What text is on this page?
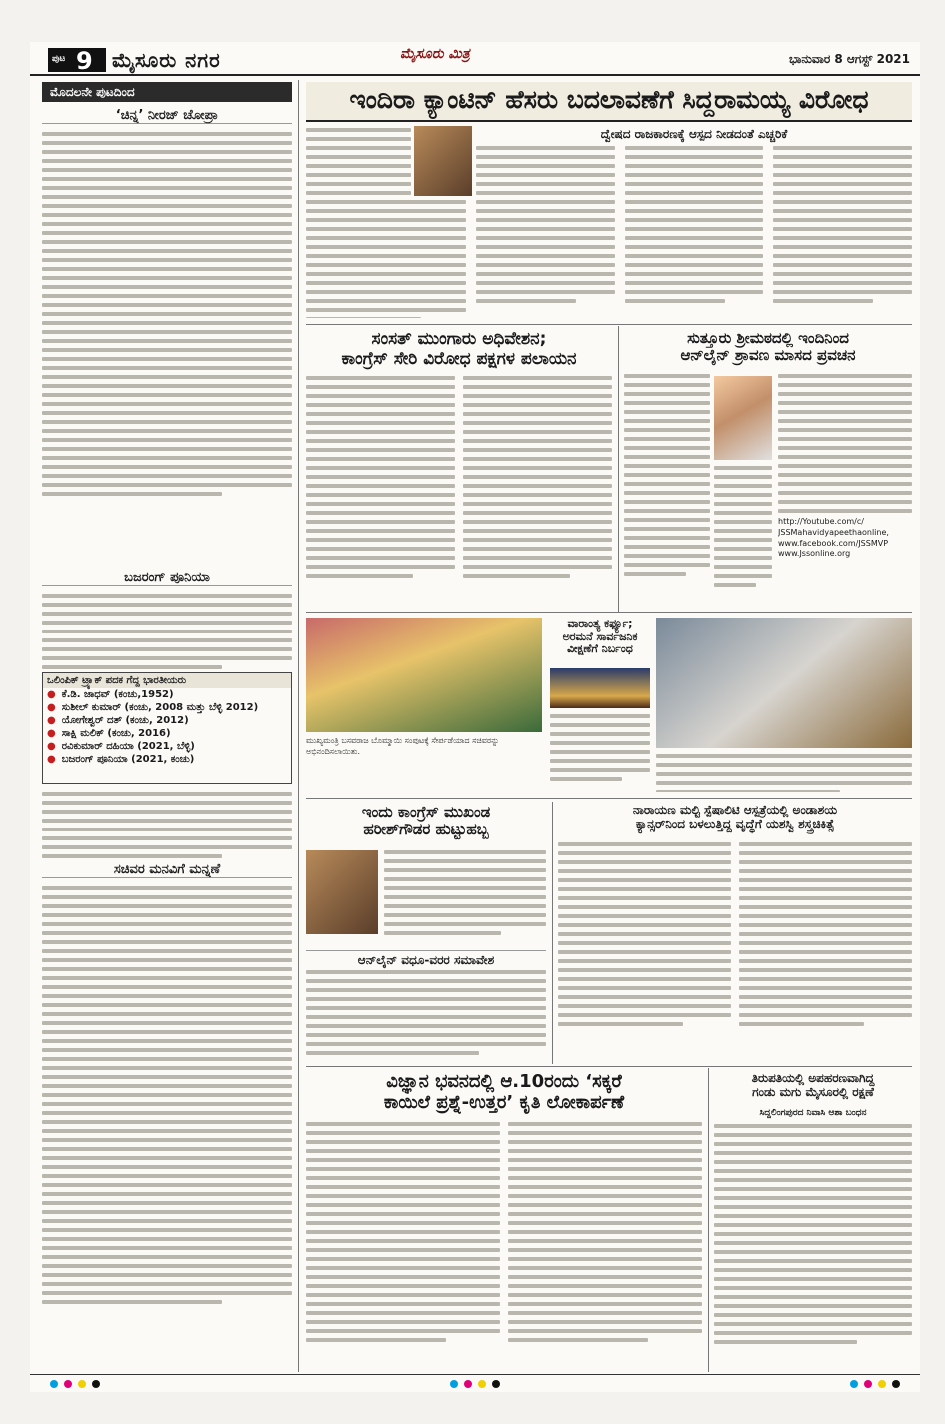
ಪುಟ 9 ಮೈಸೂರು ನಗರ	ಮೈಸೂರು ಮಿತ್ರ	ಭಾನುವಾರ 8 ಆಗಸ್ಟ್ 2021
ಮೊದಲನೇ ಪುಟದಿಂದ
‘ಚಿನ್ನ’ ನೀರಜ್ ಚೋಪ್ರಾ
ಬಜರಂಗ್ ಪೂನಿಯಾ
ಒಲಿಂಪಿಕ್ ಟ್ರ್ಯಾಕ್ ಪದಕ ಗೆದ್ದ ಭಾರತೀಯರು
● ಕೆ.ಡಿ. ಜಾಧವ್ (ಕಂಚು,1952)
● ಸುಶೀಲ್ ಕುಮಾರ್ (ಕಂಚು, 2008 ಮತ್ತು ಬೆಳ್ಳಿ 2012)
● ಯೋಗೇಶ್ವರ್ ದತ್ (ಕಂಚು, 2012)
● ಸಾಕ್ಷಿ ಮಲಿಕ್ (ಕಂಚು, 2016)
● ರವಿಕುಮಾರ್ ದಹಿಯಾ (2021, ಬೆಳ್ಳಿ)
● ಬಜರಂಗ್ ಪೂನಿಯಾ (2021, ಕಂಚು)
ಸಚಿವರ ಮನವಿಗೆ ಮನ್ನಣೆ
ಇಂದಿರಾ ಕ್ಯಾಂಟಿನ್ ಹೆಸರು ಬದಲಾವಣೆಗೆ ಸಿದ್ದರಾಮಯ್ಯ ವಿರೋಧ
ದ್ವೇಷದ ರಾಜಕಾರಣಕ್ಕೆ ಆಸ್ಪದ ನೀಡದಂತೆ ಎಚ್ಚರಿಕೆ
ಸಂಸತ್ ಮುಂಗಾರು ಅಧಿವೇಶನ;
ಕಾಂಗ್ರೆಸ್ ಸೇರಿ ವಿರೋಧ ಪಕ್ಷಗಳ ಪಲಾಯನ
ಸುತ್ತೂರು ಶ್ರೀಮಠದಲ್ಲಿ ಇಂದಿನಿಂದ
ಆನ್‌ಲೈನ್ ಶ್ರಾವಣ ಮಾಸದ ಪ್ರವಚನ
http://Youtube.com/c/
JSSMahavidyapeethaonline,
www.facebook.com/JSSMVP
www.Jssonline.org
ಮುಖ್ಯಮಂತ್ರಿ ಬಸವರಾಜ ಬೊಮ್ಮಾಯಿ ಸಂಪುಟಕ್ಕೆ ಸೇರ್ಪಡೆಯಾದ ಸಚಿವರನ್ನು ಅಭಿನಂದಿಸಲಾಯಿತು.
ವಾರಾಂತ್ಯ ಕರ್ಫ್ಯೂ;
ಅರಮನೆ ಸಾರ್ವಜನಿಕ
ವೀಕ್ಷಣೆಗೆ ನಿರ್ಬಂಧ
ಇಂದು ಕಾಂಗ್ರೆಸ್ ಮುಖಂಡ
ಹರೀಶ್‌ಗೌಡರ ಹುಟ್ಟುಹಬ್ಬ
ಆನ್‌ಲೈನ್ ವಧೂ-ವರರ ಸಮಾವೇಶ
ನಾರಾಯಣ ಮಲ್ಟಿ ಸ್ಪೆಷಾಲಿಟಿ ಆಸ್ಪತ್ರೆಯಲ್ಲಿ ಅಂಡಾಶಯ
ಕ್ಯಾನ್ಸರ್‌ನಿಂದ ಬಳಲುತ್ತಿದ್ದ ವೃದ್ಧೆಗೆ ಯಶಸ್ವಿ ಶಸ್ತ್ರಚಿಕಿತ್ಸೆ
ವಿಜ್ಞಾನ ಭವನದಲ್ಲಿ ಆ.10ರಂದು ‘ಸಕ್ಕರೆ
ಕಾಯಿಲೆ ಪ್ರಶ್ನೆ-ಉತ್ತರ’ ಕೃತಿ ಲೋಕಾರ್ಪಣೆ
ತಿರುಪತಿಯಲ್ಲಿ ಅಪಹರಣವಾಗಿದ್ದ
ಗಂಡು ಮಗು ಮೈಸೂರಲ್ಲಿ ರಕ್ಷಣೆ
ಸಿದ್ದಲಿಂಗಪುರದ ನಿವಾಸಿ ಆಶಾ ಬಂಧನ
